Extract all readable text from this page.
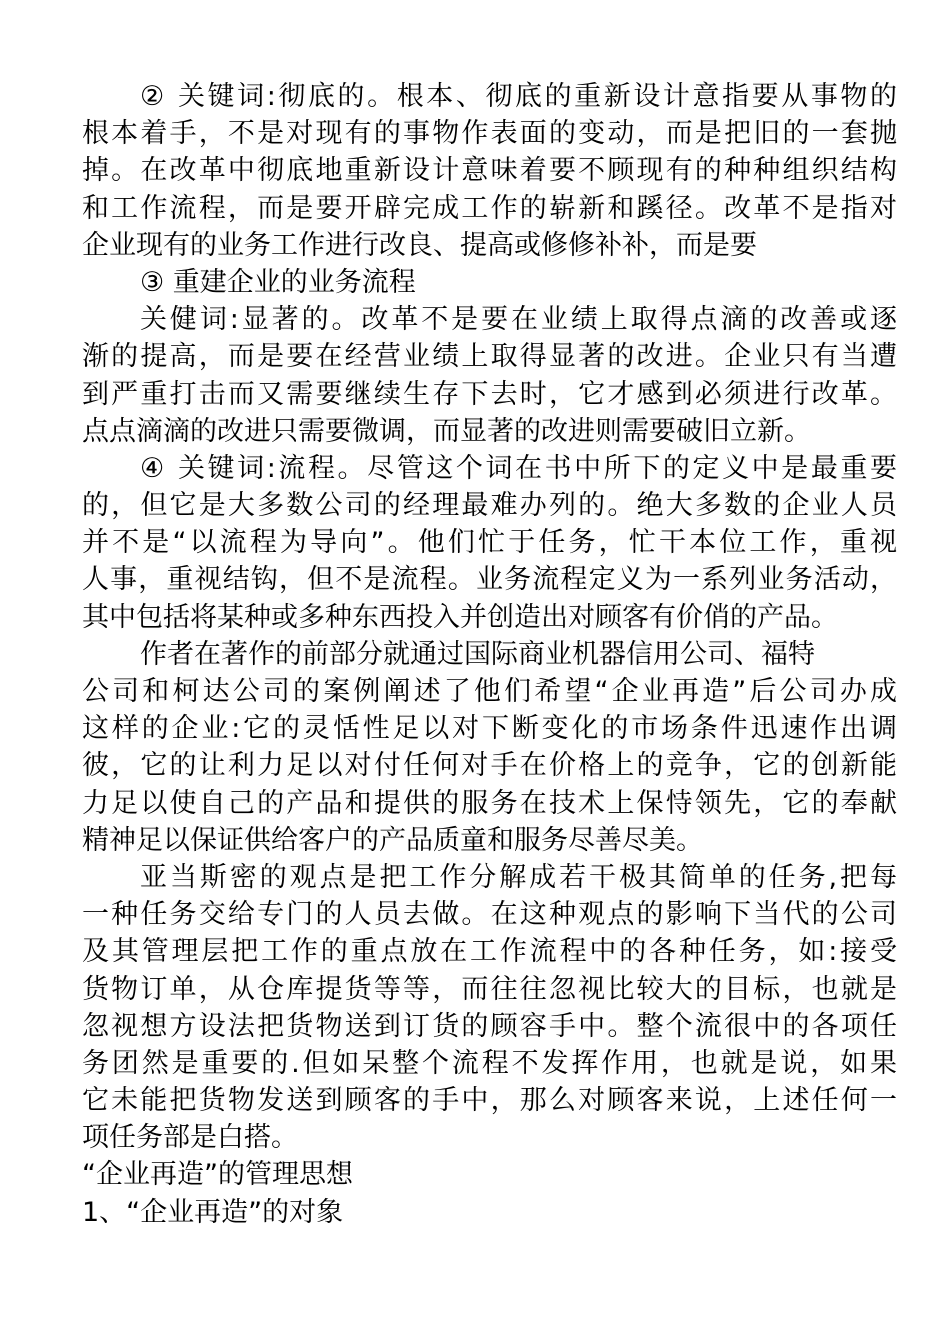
② 关键词:彻底的。根本、彻底的重新设计意指要从事物的
根本着手，不是对现有的事物作表面的变动，而是把旧的一套抛
掉。在改革中彻底地重新设计意味着要不顾现有的种种组织结构
和工作流程，而是要开辟完成工作的崭新和蹊径。改革不是指对
企业现有的业务工作进行改良、提高或修修补补，而是要
③ 重建企业的业务流程
关健词:显著的。改革不是要在业绩上取得点滴的改善或逐
渐的提高，而是要在经营业绩上取得显著的改进。企业只有当遭
到严重打击而又需要继续生存下去时，它才感到必须进行改革。
点点滴滴的改进只需要微调，而显著的改进则需要破旧立新。
④ 关键词:流程。尽管这个词在书中所下的定义中是最重要
的，但它是大多数公司的经理最难办列的。绝大多数的企业人员
并不是“以流程为导向”。他们忙于任务，忙干本位工作，重视
人事，重视结钩，但不是流程。业务流程定义为一系列业务活动，
其中包括将某种或多种东西投入并创造出对顾客有价俏的产品。
作者在著作的前部分就通过国际商业机器信用公司、福特
公司和柯达公司的案例阐述了他们希望“企业再造”后公司办成
这样的企业:它的灵恬性足以对下断变化的市场条件迅速作出调
彼，它的让利力足以对付任何对手在价格上的竞争，它的创新能
力足以使自己的产品和提供的服务在技术上保恃领先，它的奉献
精神足以保证供给客户的产品质童和服务尽善尽美。
亚当斯密的观点是把工作分解成若干极其简单的任务,把每
一种任务交给专门的人员去做。在这种观点的影响下当代的公司
及其管理层把工作的重点放在工作流程中的各种任务，如:接受
货物订单，从仓库提货等等，而往往忽视比较大的目标，也就是
忽视想方设法把货物送到订货的顾容手中。整个流很中的各项任
务团然是重要的.但如呆整个流程不发挥作用，也就是说，如果
它未能把货物发送到顾客的手中，那么对顾客来说，上述任何一
项任务部是白搭。
“企业再造”的管理思想
1、“企业再造”的对象
